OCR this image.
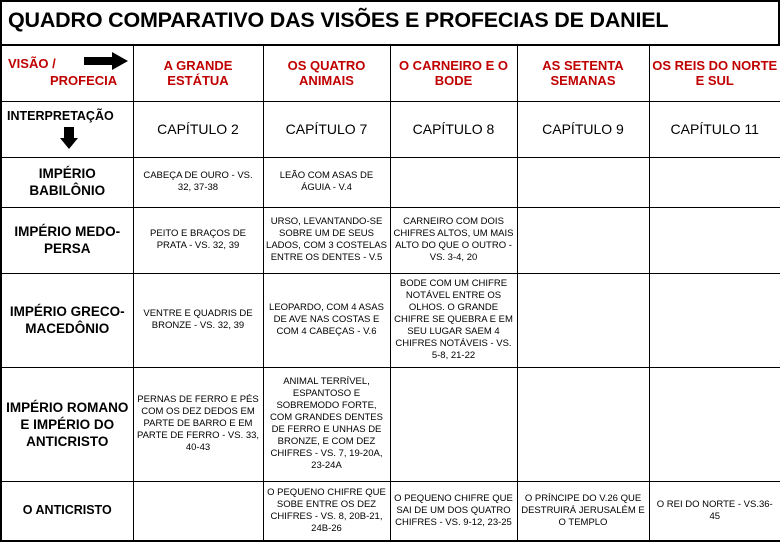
QUADRO COMPARATIVO DAS VISÕES E PROFECIAS DE DANIEL
VISÃO /
PROFECIA	A GRANDE ESTÁTUA	OS QUATRO ANIMAIS	O CARNEIRO E O BODE	AS SETENTA SEMANAS	OS REIS DO NORTE E SUL
INTERPRETAÇÃO	CAPÍTULO 2	CAPÍTULO 7	CAPÍTULO 8	CAPÍTULO 9	CAPÍTULO 11
IMPÉRIO BABILÔNIO	CABEÇA DE OURO - VS. 32, 37-38	LEÃO COM ASAS DE ÁGUIA - V.4			
IMPÉRIO MEDO-PERSA	PEITO E BRAÇOS DE PRATA - VS. 32, 39	URSO, LEVANTANDO-SE SOBRE UM DE SEUS LADOS, COM 3 COSTELAS ENTRE OS DENTES - V.5	CARNEIRO COM DOIS CHIFRES ALTOS, UM MAIS ALTO DO QUE O OUTRO - VS. 3-4, 20		
IMPÉRIO GRECO-MACEDÔNIO	VENTRE E QUADRIS DE BRONZE - VS. 32, 39	LEOPARDO, COM 4 ASAS DE AVE NAS COSTAS E COM 4 CABEÇAS - V.6	BODE COM UM CHIFRE NOTÁVEL ENTRE OS OLHOS. O GRANDE CHIFRE SE QUEBRA E EM SEU LUGAR SAEM 4 CHIFRES NOTÁVEIS - VS. 5-8, 21-22		
IMPÉRIO ROMANO E IMPÉRIO DO ANTICRISTO	PERNAS DE FERRO E PÉS COM OS DEZ DEDOS EM PARTE DE BARRO E EM PARTE DE FERRO - VS. 33, 40-43	ANIMAL TERRÍVEL, ESPANTOSO E SOBREMODO FORTE, COM GRANDES DENTES DE FERRO E UNHAS DE BRONZE, E COM DEZ CHIFRES - VS. 7, 19-20A, 23-24A			
O ANTICRISTO		O PEQUENO CHIFRE QUE SOBE ENTRE OS DEZ CHIFRES - VS. 8, 20B-21, 24B-26	O PEQUENO CHIFRE QUE SAI DE UM DOS QUATRO CHIFRES - VS. 9-12, 23-25	O PRÍNCIPE DO V.26 QUE DESTRUIRÁ JERUSALÉM E O TEMPLO	O REI DO NORTE - VS.36-45
